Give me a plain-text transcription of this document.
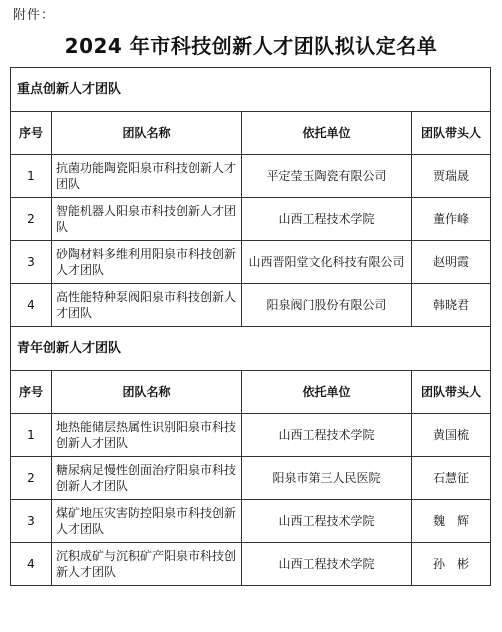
附件：
2024 年市科技创新人才团队拟认定名单
重点创新人才团队			
序号	团队名称	依托单位	团队带头人
1	抗菌功能陶瓷阳泉市科技创新人才团队	平定莹玉陶瓷有限公司	贾瑞晟
2	智能机器人阳泉市科技创新人才团队	山西工程技术学院	董作峰
3	砂陶材料多维利用阳泉市科技创新人才团队	山西晋阳堂文化科技有限公司	赵明霞
4	高性能特种泵阀阳泉市科技创新人才团队	阳泉阀门股份有限公司	韩晓君
青年创新人才团队			
序号	团队名称	依托单位	团队带头人
1	地热能储层热属性识别阳泉市科技创新人才团队	山西工程技术学院	黄国梳
2	糖尿病足慢性创面治疗阳泉市科技创新人才团队	阳泉市第三人民医院	石慧征
3	煤矿地压灾害防控阳泉市科技创新人才团队	山西工程技术学院	魏　辉
4	沉积成矿与沉积矿产阳泉市科技创新人才团队	山西工程技术学院	孙　彬
